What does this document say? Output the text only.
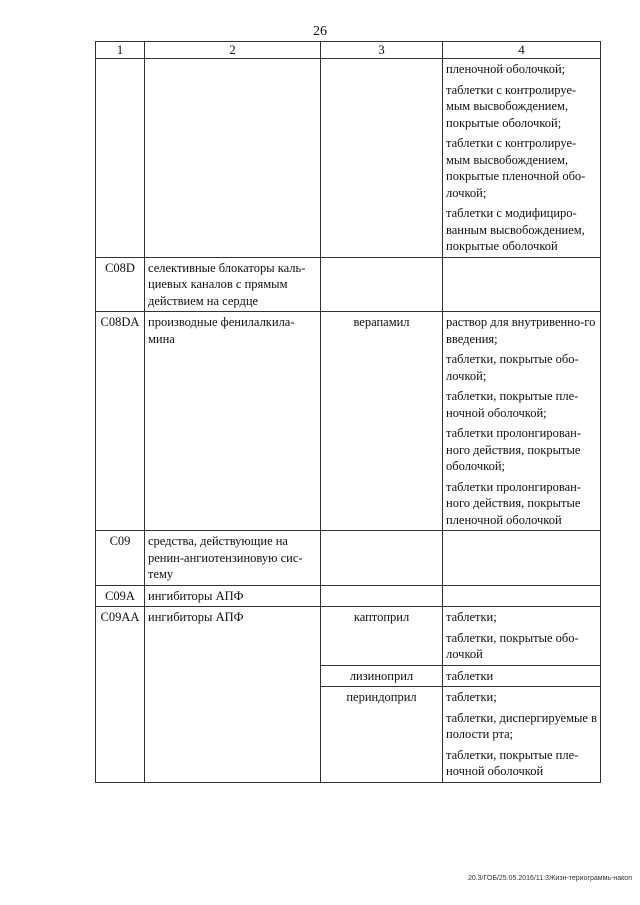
26
1	2	3	4

			пленочной оболочкой;
таблетки с контролируе-мым высвобождением, покрытые оболочкой;
таблетки с контролируе-мым высвобождением, покрытые пленочной обо-лочкой;
таблетки с модифициро-ванным высвобождением, покрытые оболочкой

C08D	селективные блокаторы каль-циевых каналов с прямым действием на сердце		
C08DA	производные фенилалкила-мина	верапамил	раствор для внутривенно-го введения;
таблетки, покрытые обо-лочкой;
таблетки, покрытые пле-ночной оболочкой;
таблетки пролонгирован-ного действия, покрытые оболочкой;
таблетки пролонгирован-ного действия, покрытые пленочной оболочкой

C09	средства, действующие на ренин-ангиотензиновую сис-тему		
C09A	ингибиторы АПФ		
C09AA	ингибиторы АПФ	каптоприл	таблетки;
таблетки, покрытые обо-лочкой

		лизиноприл	таблетки

		периндоприл	таблетки;
таблетки, диспергируемые в полости рта;
таблетки, покрытые пле-ночной оболочкой
20.3/ГОБ/25.05.2016/11:3Жизн-териограммь-накоп
